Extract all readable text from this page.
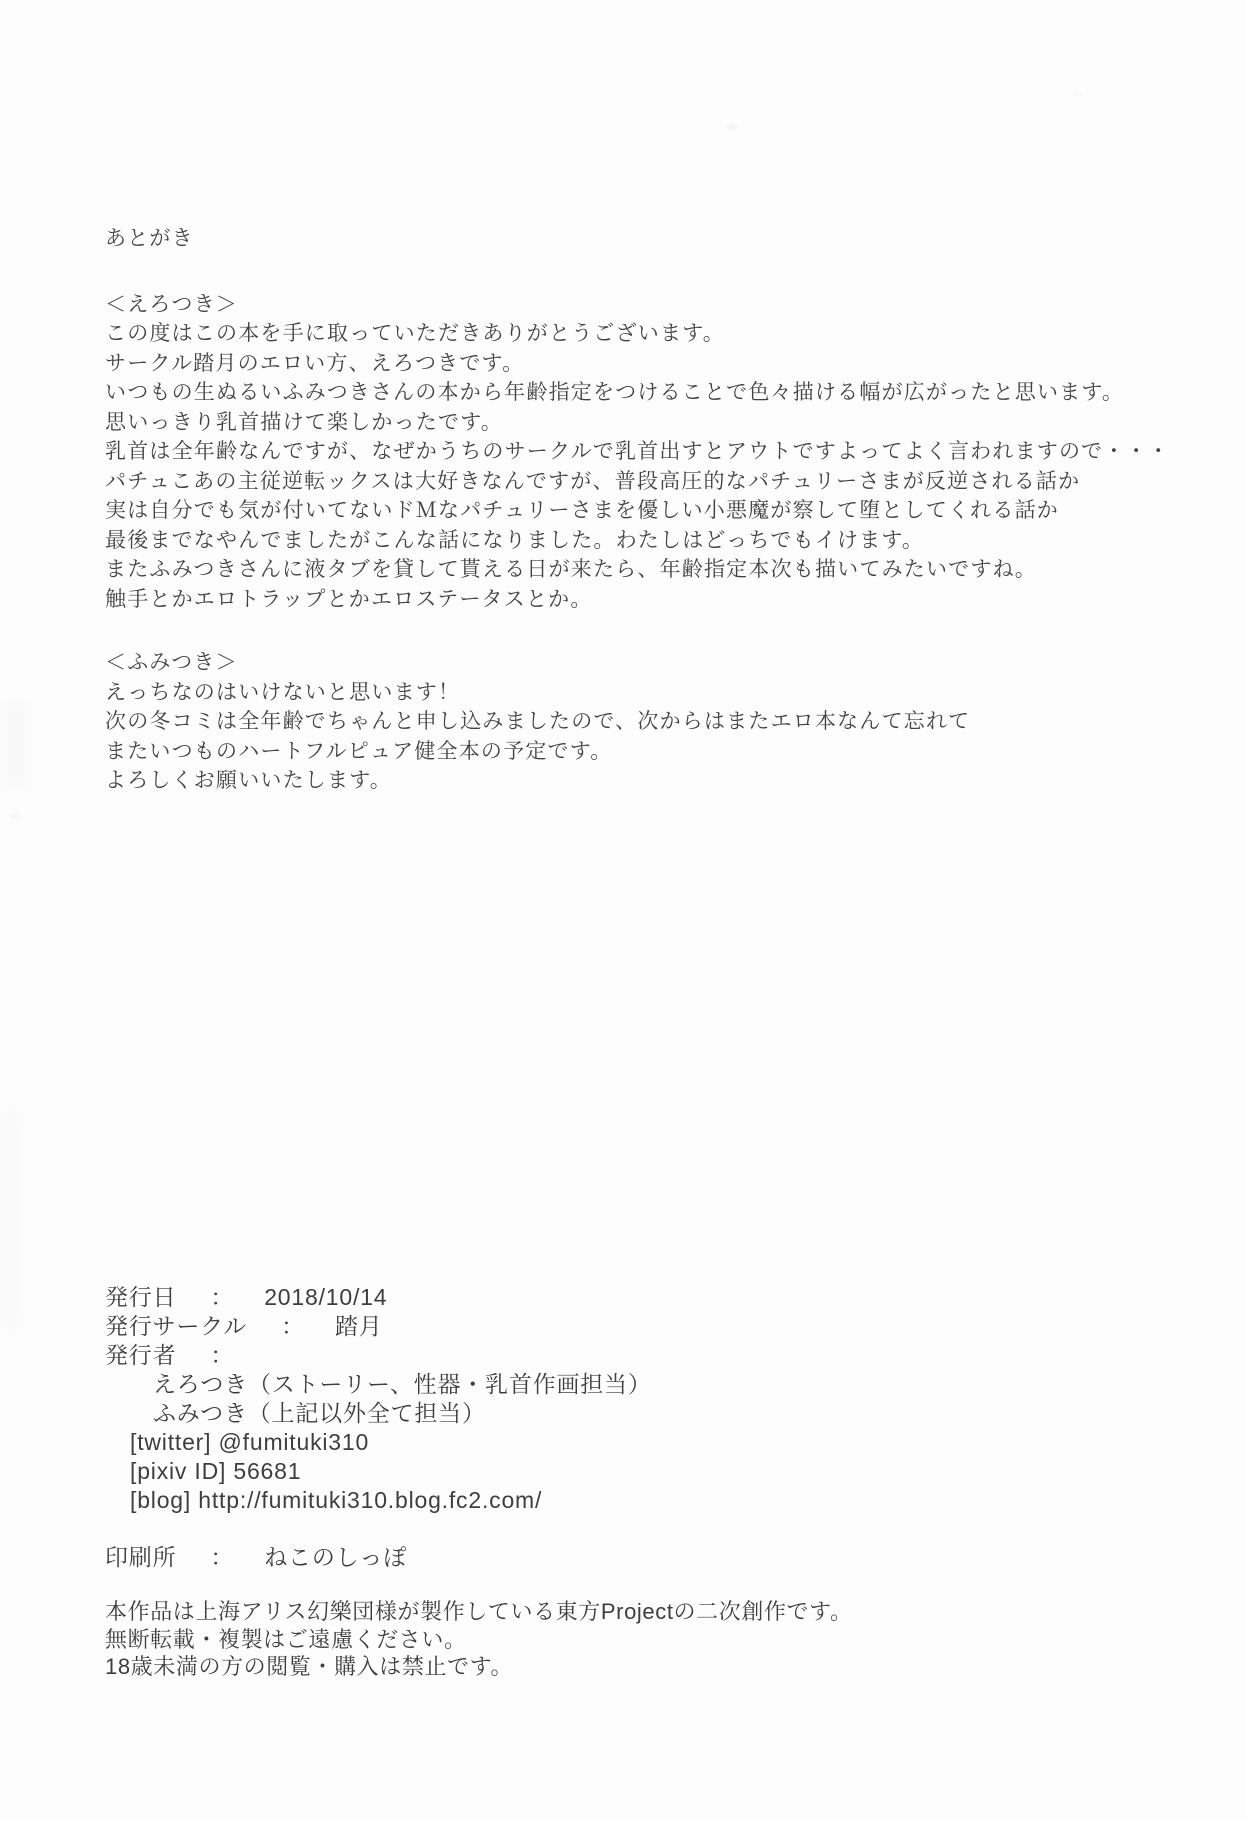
あとがき
＜えろつき＞
この度はこの本を手に取っていただきありがとうございます。
サークル踏月のエロい方、えろつきです。
いつもの生ぬるいふみつきさんの本から年齢指定をつけることで色々描ける幅が広がったと思います。
思いっきり乳首描けて楽しかったです。
乳首は全年齢なんですが、なぜかうちのサークルで乳首出すとアウトですよってよく言われますので・・・
パチュこあの主従逆転ックスは大好きなんですが、普段高圧的なパチュリーさまが反逆される話か
実は自分でも気が付いてないドＭなパチュリーさまを優しい小悪魔が察して堕としてくれる話か
最後までなやんでましたがこんな話になりました。わたしはどっちでもイけます。
またふみつきさんに液タブを貸して貰える日が来たら、年齢指定本次も描いてみたいですね。
触手とかエロトラップとかエロステータスとか。
＜ふみつき＞
えっちなのはいけないと思います！
次の冬コミは全年齢でちゃんと申し込みましたので、次からはまたエロ本なんて忘れて
またいつものハートフルピュア健全本の予定です。
よろしくお願いいたします。
発行日 ： 2018/10/14
発行サークル ： 踏月
発行者 ：
えろつき（ストーリー、性器・乳首作画担当）
ふみつき（上記以外全て担当）
[twitter] @fumituki310
[pixiv ID] 56681
[blog] http://fumituki310.blog.fc2.com/
印刷所 ： ねこのしっぽ
本作品は上海アリス幻樂団様が製作している東方Projectの二次創作です。
無断転載・複製はご遠慮ください。
18歳未満の方の閲覧・購入は禁止です。
